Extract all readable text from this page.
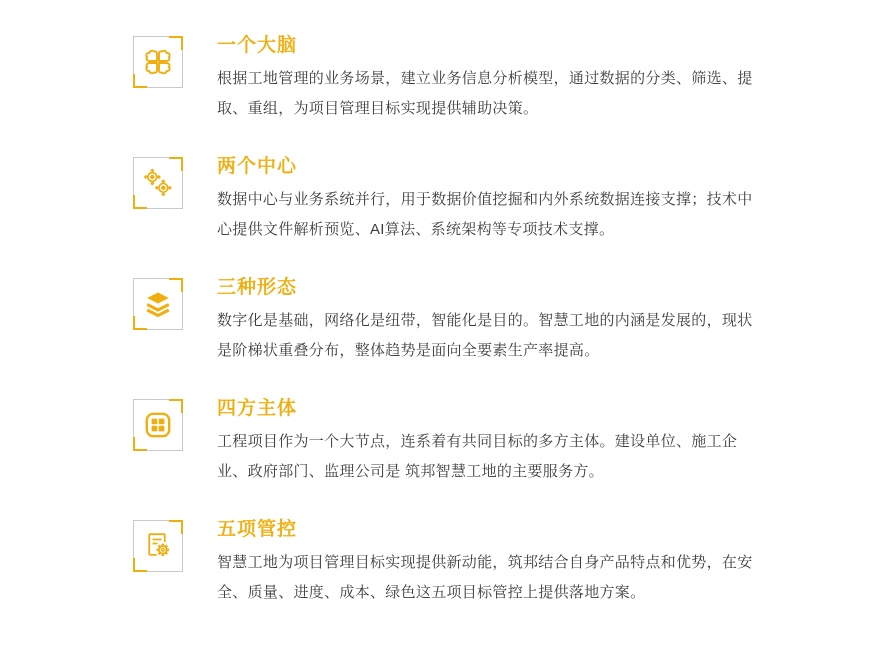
一个大脑

根据工地管理的业务场景，建立业务信息分析模型，通过数据的分类、筛选、提取、重组，为项目管理目标实现提供辅助决策。

两个中心

数据中心与业务系统并行，用于数据价值挖掘和内外系统数据连接支撑；技术中心提供文件解析预览、AI算法、系统架构等专项技术支撑。

三种形态

数字化是基础，网络化是纽带，智能化是目的。智慧工地的内涵是发展的，现状是阶梯状重叠分布，整体趋势是面向全要素生产率提高。

四方主体

工程项目作为一个大节点，连系着有共同目标的多方主体。建设单位、施工企业、政府部门、监理公司是 筑邦智慧工地的主要服务方。

五项管控

智慧工地为项目管理目标实现提供新动能，筑邦结合自身产品特点和优势，在安全、质量、进度、成本、绿色这五项目标管控上提供落地方案。
